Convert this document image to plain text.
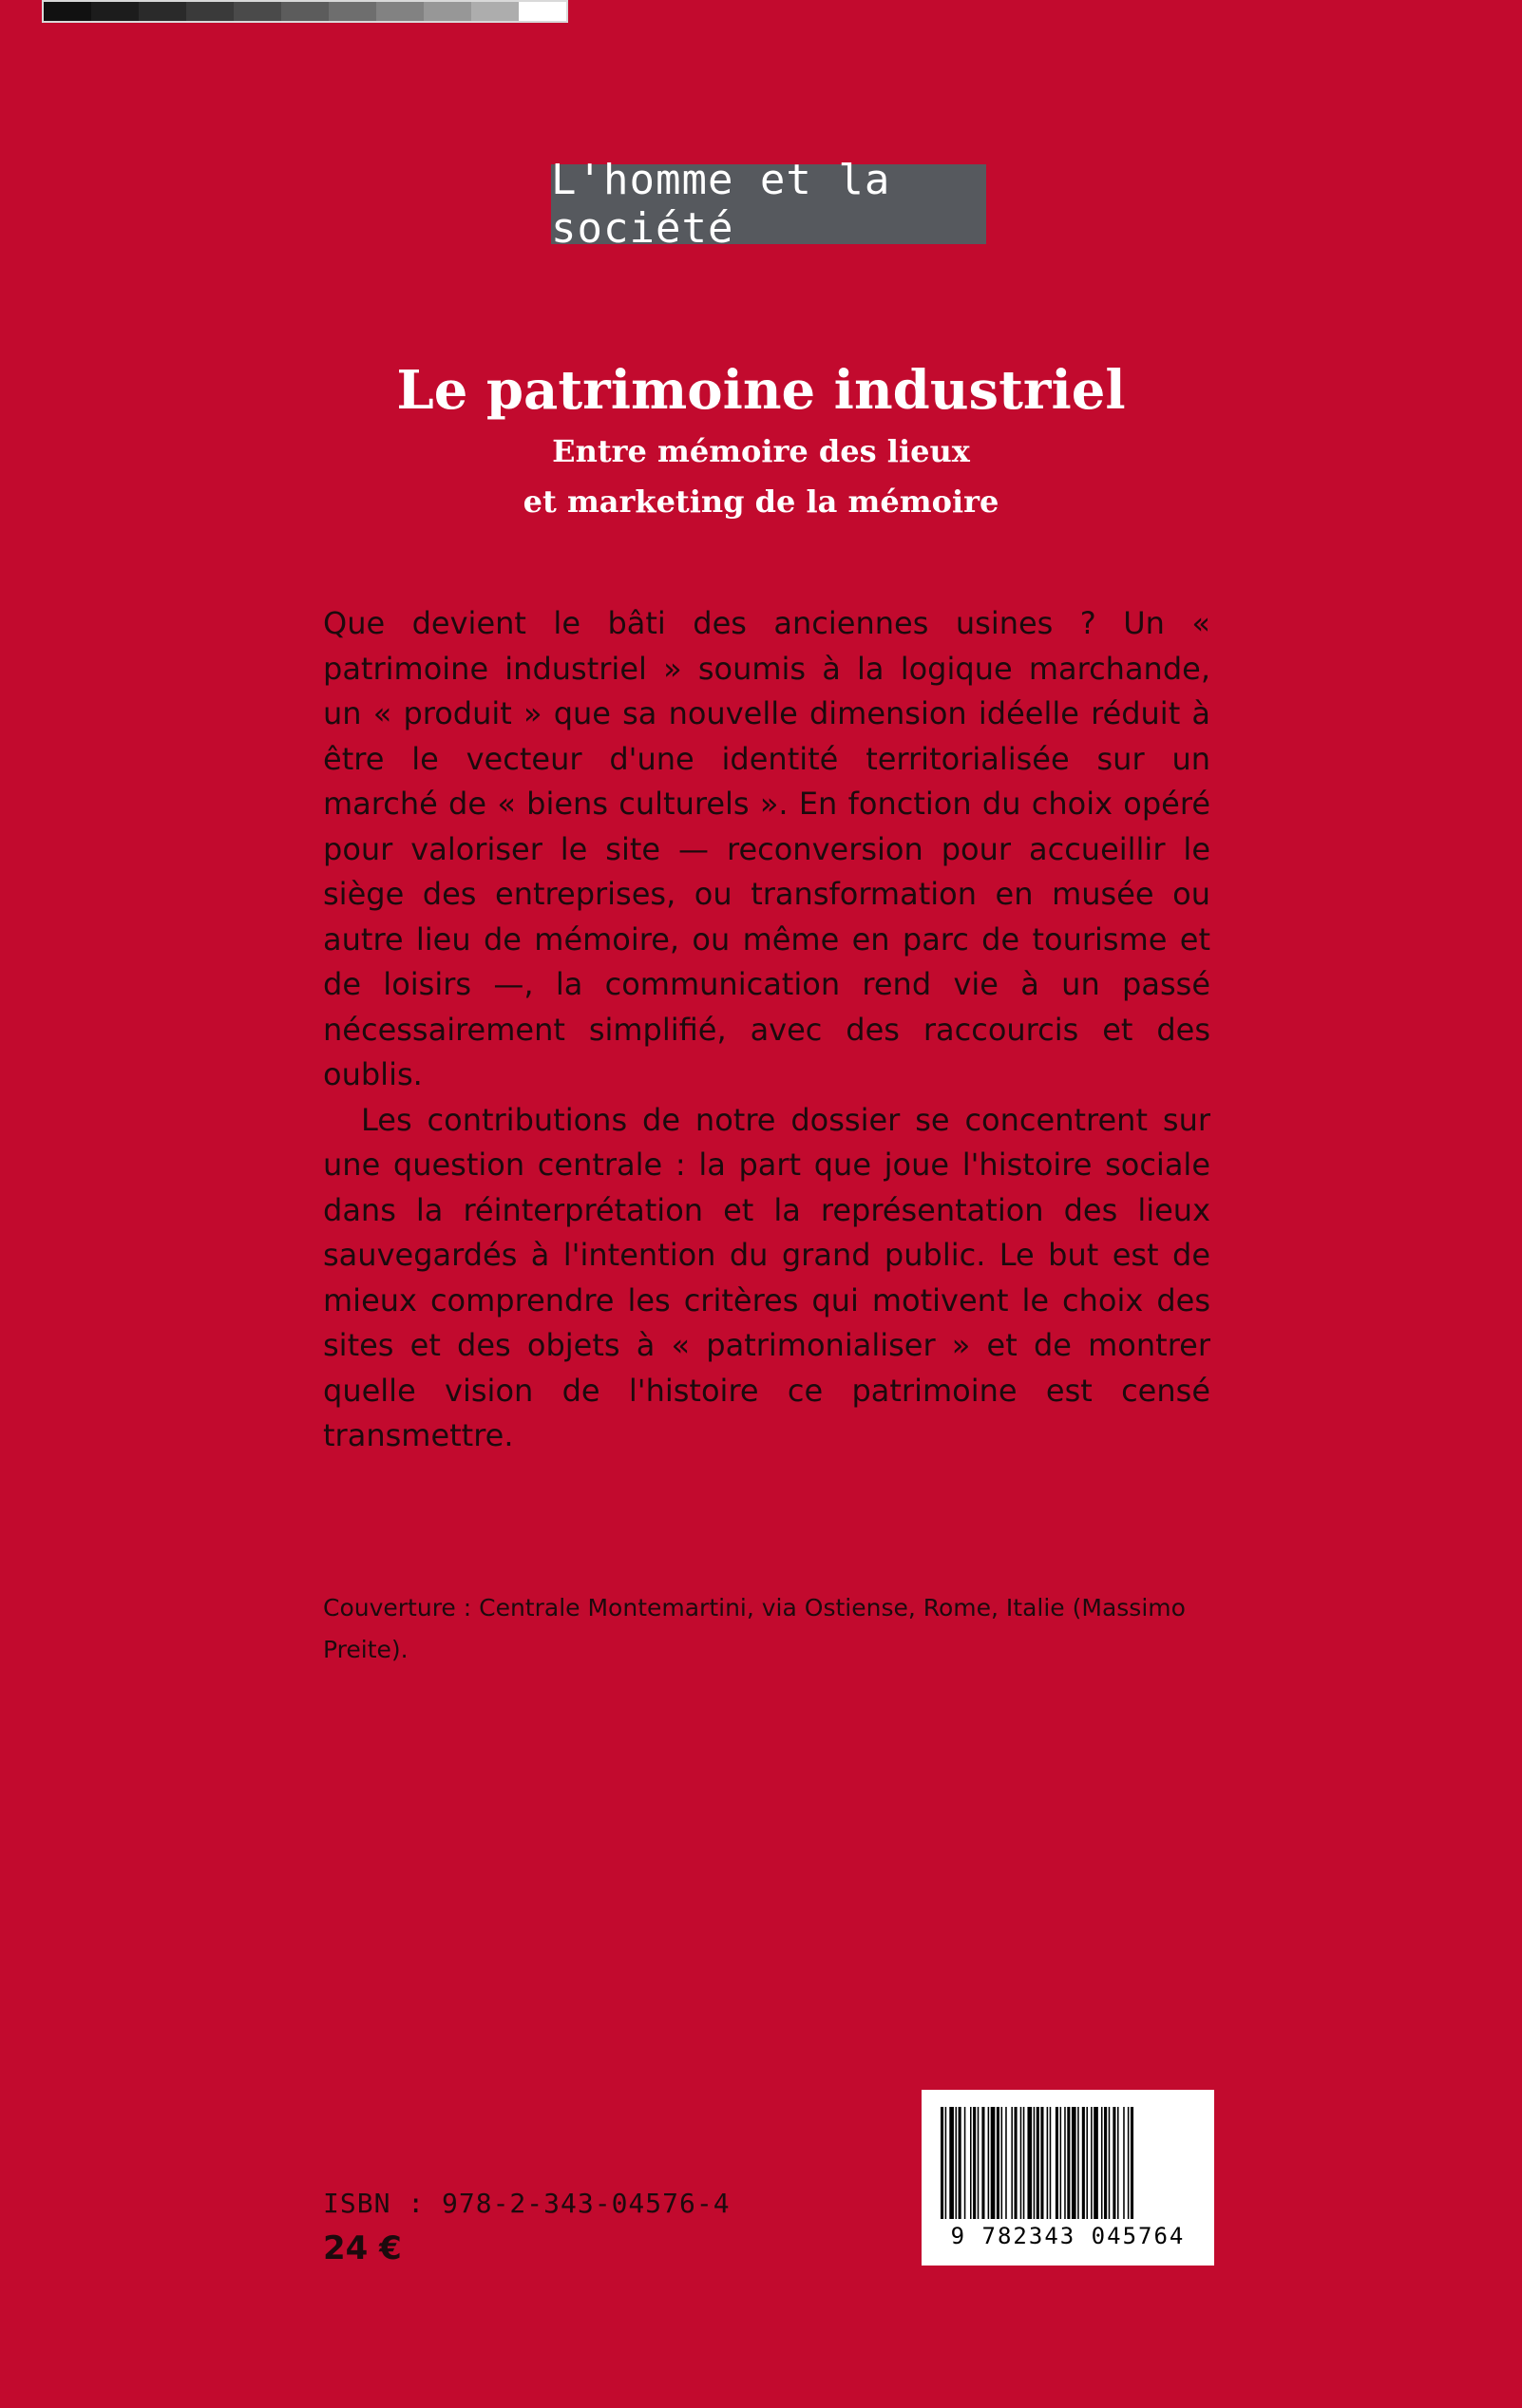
L'homme et la société
Le patrimoine industriel

Entre mémoire des lieux

et marketing de la mémoire

Que devient le bâti des anciennes usines ? Un « patrimoine industriel » soumis à la logique marchande, un « produit » que sa nouvelle dimension idéelle réduit à être le vecteur d'une identité territorialisée sur un marché de « biens culturels ». En fonction du choix opéré pour valoriser le site — reconversion pour accueillir le siège des entreprises, ou transformation en musée ou autre lieu de mémoire, ou même en parc de tourisme et de loisirs —, la communication rend vie à un passé nécessairement simplifié, avec des raccourcis et des oublis.

Les contributions de notre dossier se concentrent sur une question centrale : la part que joue l'histoire sociale dans la réinterprétation et la représentation des lieux sauvegardés à l'intention du grand public. Le but est de mieux comprendre les critères qui motivent le choix des sites et des objets à « patrimonialiser » et de montrer quelle vision de l'histoire ce patrimoine est censé transmettre.

Couverture : Centrale Montemartini, via Ostiense, Rome, Italie (Massimo Preite).

ISBN : 978-2-343-04576-4

24 €	9 782343 045764
